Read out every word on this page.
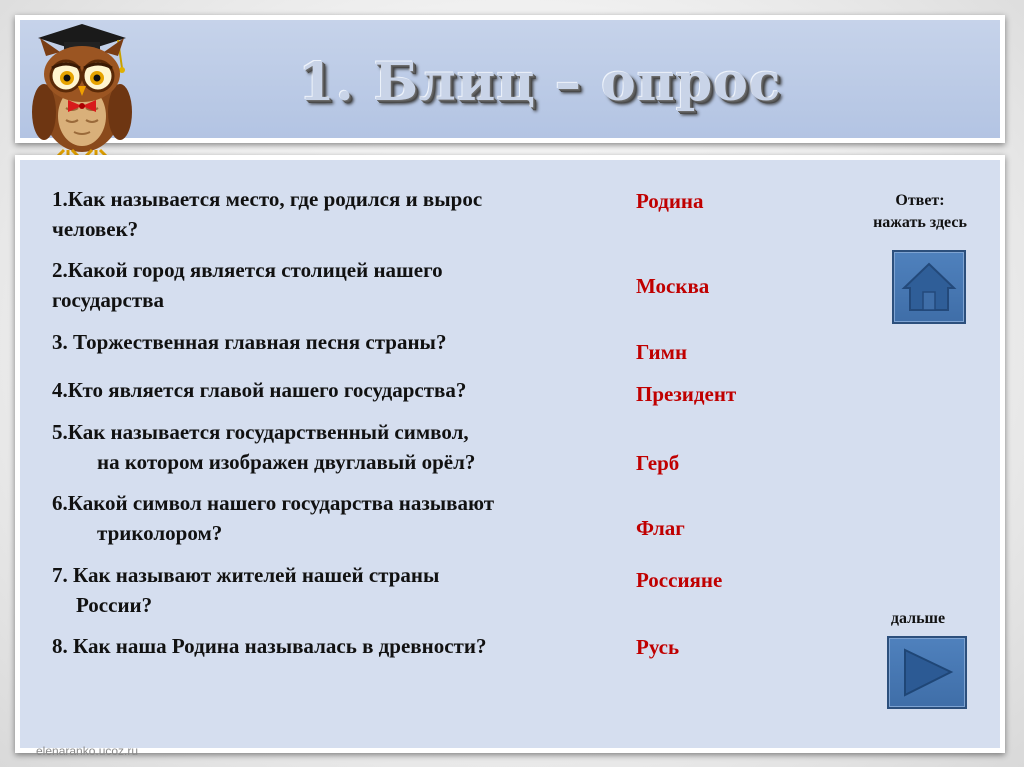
1. Блиц – опрос
1.Как называется место, где родился и вырос
человек?
2.Какой город является столицей нашего
государства
3. Торжественная главная песня страны?
4.Кто является главой нашего государства?
5.Как называется государственный символ,
на котором изображен двуглавый орёл?
6.Какой символ нашего государства называют
триколором?
7. Как называют жителей нашей страны
России?
8. Как наша Родина называлась в древности?
Родина
Москва
Гимн
Президент
Герб
Флаг
Россияне
Русь
Ответ:
нажать здесь
дальше
elenaranko.ucoz.ru
